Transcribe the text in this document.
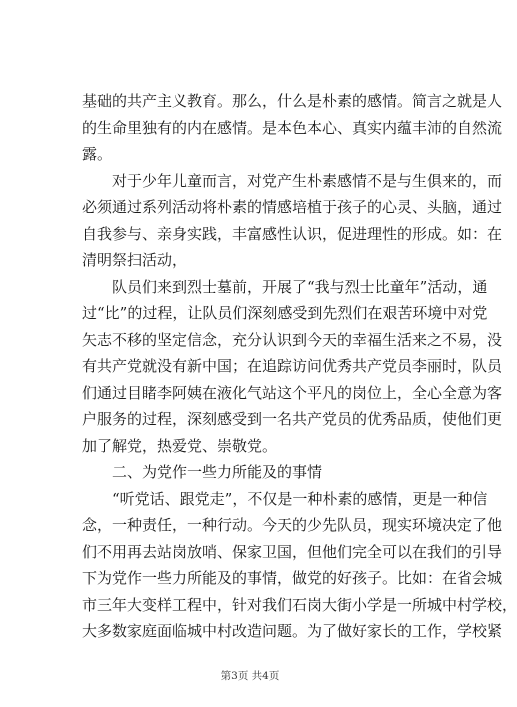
基础的共产主义教育。那么，什么是朴素的感情。简言之就是人
的生命里独有的内在感情。是本色本心、真实内蕴丰沛的自然流
露。
对于少年儿童而言，对党产生朴素感情不是与生俱来的，而
必须通过系列活动将朴素的情感培植于孩子的心灵、头脑，通过
自我参与、亲身实践，丰富感性认识，促进理性的形成。如：在
清明祭扫活动，
队员们来到烈士墓前，开展了“我与烈士比童年”活动，通
过“比”的过程，让队员们深刻感受到先烈们在艰苦环境中对党
矢志不移的坚定信念，充分认识到今天的幸福生活来之不易，没
有共产党就没有新中国；在追踪访问优秀共产党员李丽时，队员
们通过目睹李阿姨在液化气站这个平凡的岗位上，全心全意为客
户服务的过程，深刻感受到一名共产党员的优秀品质，使他们更
加了解党，热爱党、崇敬党。
二、为党作一些力所能及的事情
“听党话、跟党走”，不仅是一种朴素的感情，更是一种信
念，一种责任，一种行动。今天的少先队员，现实环境决定了他
们不用再去站岗放哨、保家卫国，但他们完全可以在我们的引导
下为党作一些力所能及的事情，做党的好孩子。比如：在省会城
市三年大变样工程中，针对我们石岗大街小学是一所城中村学校，
大多数家庭面临城中村改造问题。为了做好家长的工作，学校紧
第3页 共4页
